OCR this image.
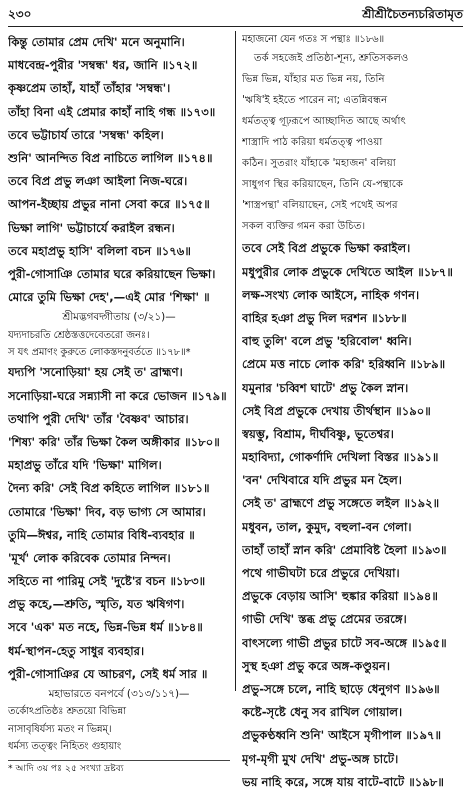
২৩০	শ্রীশ্রীচৈতন্যচরিতামৃত
কিন্তু তোমার প্রেম দেখি' মনে অনুমানি।
মাধবেন্দ্র-পুরীর 'সম্বন্ধ' ধর, জানি ॥১৭২॥
কৃষ্ণপ্রেম তাহাঁ, যাহাঁ তাঁহার 'সম্বন্ধ'।
তাঁহা বিনা এই প্রেমার কাহাঁ নাহি গন্ধ ॥১৭৩॥
তবে ভট্টাচার্য তারে 'সম্বন্ধ' কহিল।
শুনি' আনন্দিত বিপ্র নাচিতে লাগিল ॥১৭৪॥
তবে বিপ্র প্রভু লঞা আইলা নিজ-ঘরে।
আপন-ইচ্ছায় প্রভুর নানা সেবা করে ॥১৭৫॥
ভিক্ষা লাগি' ভট্টাচার্যে করাইল রন্ধন।
তবে মহাপ্রভু হাসি' বলিলা বচন ॥১৭৬॥
পুরী-গোসাঞি তোমার ঘরে করিয়াছেন ভিক্ষা।
মোরে তুমি ভিক্ষা দেহ',—এই মোর 'শিক্ষা' ॥
শ্রীমদ্ভগবদ্গীতায় (৩/২১)—
যদ্যদাচরতি শ্রেষ্ঠস্তত্তদেবেতরো জনঃ।
স যৎ প্রমাণং কুরুতে লোকস্তদনুবর্ততে ॥১৭৮॥*
যদ্যপি 'সনোড়িয়া' হয় সেই ত' ব্রাহ্মণ।
সনোড়িয়া-ঘরে সন্ন্যাসী না করে ভোজন ॥১৭৯॥
তথাপি পুরী দেখি' তাঁর 'বৈষ্ণব' আচার।
'শিষ্য' করি' তাঁর ভিক্ষা কৈল অঙ্গীকার ॥১৮০॥
মহাপ্রভু তাঁরে যদি 'ভিক্ষা' মাগিল।
দৈন্য করি' সেই বিপ্র কহিতে লাগিল ॥১৮১॥
তোমারে 'ভিক্ষা' দিব, বড় ভাগ্য সে আমার।
তুমি—ঈশ্বর, নাহি তোমার বিধি-ব্যবহার ॥
'মূর্খ' লোক করিবেক তোমার নিন্দন।
সহিতে না পারিমু সেই 'দুষ্টে'র বচন ॥১৮৩॥
প্রভু কহে,—শ্রুতি, স্মৃতি, যত ঋষিগণ।
সবে 'এক' মত নহে, ভিন্ন-ভিন্ন ধর্ম ॥১৮৪॥
ধর্ম-স্থাপন-হেতু সাধুর ব্যবহার।
পুরী-গোসাঞির যে আচরণ, সেই ধর্ম সার ॥
মহাভারতে বনপর্বে (৩১৩/১১৭)—
তর্কোঽপ্রতিষ্ঠঃ শ্রুতয়ো বিভিন্না
নাসাবৃষির্যস্য মতং ন ভিন্নম্।
ধর্মস্য তত্ত্বং নিহিতং গুহায়াং
* আদি ৩য় পঃ ২৫ সংখ্যা দ্রষ্টব্য
মহাজনো যেন গতঃ স পন্থাঃ ॥১৮৬॥
তর্ক সহজেই প্রতিষ্ঠা-শূন্য, শ্রুতিসকলও
ভিন্ন ভিন্ন, যাঁহার মত ভিন্ন নয়, তিনি
'ঋষি'ই হইতে পারেন না; এতন্নিবন্ধন
ধর্মতত্ত্ব গূঢ়রূপে আচ্ছাদিত আছে অর্থাৎ
শাস্ত্রাদি পাঠ করিয়া ধর্মতত্ত্ব পাওয়া
কঠিন। সুতরাং যাঁহাকে 'মহাজন' বলিয়া
সাধুগণ স্থির করিয়াছেন, তিনি যে-পন্থাকে
'শাস্ত্রপন্থা' বলিয়াছেন, সেই পথেই অপর
সকল ব্যক্তির গমন করা উচিত।
তবে সেই বিপ্র প্রভুকে ভিক্ষা করাইল।
মধুপুরীর লোক প্রভুকে দেখিতে আইল ॥১৮৭॥
লক্ষ-সংখ্য লোক আইসে, নাহিক গণন।
বাহির হঞা প্রভু দিল দরশন ॥১৮৮॥
বাহু তুলি' বলে প্রভু 'হরিবোল' ধ্বনি।
প্রেমে মত্ত নাচে লোক করি' হরিধ্বনি ॥১৮৯॥
যমুনার 'চব্বিশ ঘাটে' প্রভু কৈল স্নান।
সেই বিপ্র প্রভুকে দেখায় তীর্থস্থান ॥১৯০॥
স্বয়ম্ভু, বিশ্রাম, দীর্ঘবিষ্ণু, ভূতেশ্বর।
মহাবিদ্যা, গোকর্ণাদি দেখিলা বিস্তর ॥১৯১॥
'বন' দেখিবারে যদি প্রভুর মন হৈল।
সেই ত' ব্রাহ্মণে প্রভু সঙ্গেতে লইল ॥১৯২॥
মধুবন, তাল, কুমুদ, বহুলা-বন গেলা।
তাহাঁ তাহাঁ স্নান করি' প্রেমাবিষ্ট হৈলা ॥১৯৩॥
পথে গাভীঘটা চরে প্রভুরে দেখিয়া।
প্রভুকে বেড়ায় আসি' হুঙ্কার করিয়া ॥১৯৪॥
গাভী দেখি' স্তব্ধ প্রভু প্রেমের তরঙ্গে।
বাৎসল্যে গাভী প্রভুর চাটে সব-অঙ্গে ॥১৯৫॥
সুস্থ হঞা প্রভু করে অঙ্গ-কণ্ডুয়ন।
প্রভু-সঙ্গে চলে, নাহি ছাড়ে ধেনুগণ ॥১৯৬॥
কষ্টে-সৃষ্টে ধেনু সব রাখিল গোয়াল।
প্রভুকণ্ঠধ্বনি শুনি' আইসে মৃগীপাল ॥১৯৭॥
মৃগ-মৃগী মুখ দেখি' প্রভু-অঙ্গ চাটে।
ভয় নাহি করে, সঙ্গে যায় বাটে-বাটে ॥১৯৮॥
